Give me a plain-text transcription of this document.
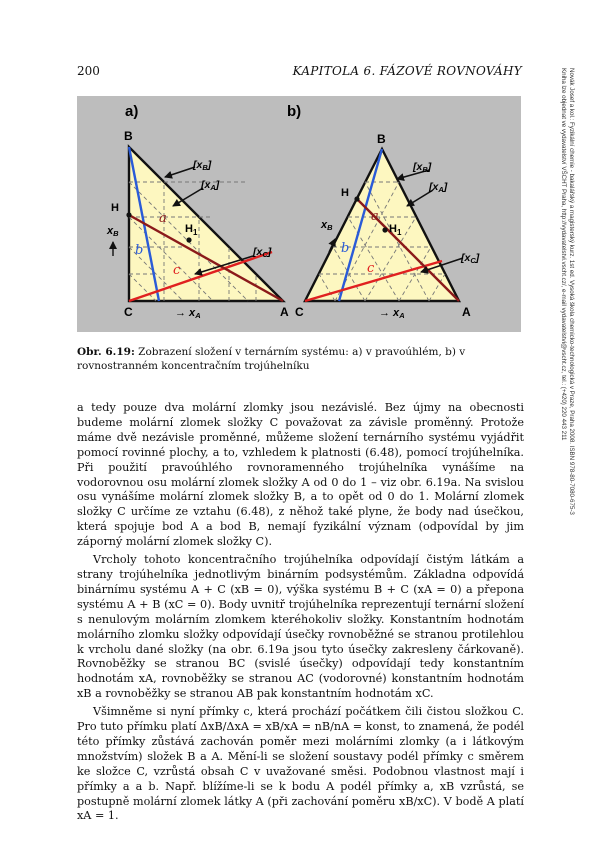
200	KAPITOLA 6. FÁZOVÉ ROVNOVÁHY	Novák Josef a kol.: Fyzikální chemie - bakalářský a magisterský kurz. 1st ed. Vysoká škola chemicko-technologická v Praze, Praha 2008. ISBN 978-80-7080-675-3
Kniha lze objednat ve vydavatelství VŠCHT Praha, http://vydavatelstvi.vscht.cz/, e-mail vydavatelstvi@vscht.cz, tel.: (+420) 220 443 211
a)
B
C	A
H
$H_1$
[xB]
[xA]
[xC]
→ xA
xB
a
b
c
b)
B
C	A
H
$H_1$
[xB]
[xA]
[xC]
→ xA
xB
a
b
c
Obr. 6.19: Zobrazení složení v ternárním systému: a) v pravoúhlém, b) v rovnostranném koncentračním trojúhelníku

a tedy pouze dva molární zlomky jsou nezávislé. Bez újmy na obecnosti budeme molární zlomek složky C považovat za závisle proměnný. Protože máme dvě nezávisle proměnné, můžeme složení ternárního systému vyjádřit pomocí rovinné plochy, a to, vzhledem k platnosti (6.48), pomocí trojúhelníka. Při použití pravoúhlého rovnoramenného trojúhelníka vynášíme na vodorovnou osu molární zlomek složky A od 0 do 1 – viz obr. 6.19a. Na svislou osu vynášíme molární zlomek složky B, a to opět od 0 do 1. Molární zlomek složky C určíme ze vztahu (6.48), z něhož také plyne, že body nad úsečkou, která spojuje bod A a bod B, nemají fyzikální význam (odpovídal by jim záporný molární zlomek složky C).

Vrcholy tohoto koncentračního trojúhelníka odpovídají čistým látkám a strany trojúhelníka jednotlivým binárním podsystémům. Základna odpovídá binárnímu systému A + C (xB = 0), výška systému B + C (xA = 0) a přepona systému A + B (xC = 0). Body uvnitř trojúhelníka reprezentují ternární složení s nenulovým molárním zlomkem kteréhokoliv složky. Konstantním hodnotám molárního zlomku složky odpovídají úsečky rovnoběžné se stranou protilehlou k vrcholu dané složky (na obr. 6.19a jsou tyto úsečky zakresleny čárkovaně). Rovnoběžky se stranou BC (svislé úsečky) odpovídají tedy konstantním hodnotám xA, rovnoběžky se stranou AC (vodorovné) konstantním hodnotám xB a rovnoběžky se stranou AB pak konstantním hodnotám xC.

Všimněme si nyní přímky c, která prochází počátkem čili čistou složkou C. Pro tuto přímku platí ΔxB/ΔxA = xB/xA = nB/nA = konst, to znamená, že podél této přímky zůstává zachován poměr mezi molárními zlomky (a i látkovým množstvím) složek B a A. Mění-li se složení soustavy podél přímky c směrem ke složce C, vzrůstá obsah C v uvažované směsi. Podobnou vlastnost mají i přímky a a b. Např. blížíme-li se k bodu A podél přímky a, xB vzrůstá, se postupně molární zlomek látky A (při zachování poměru xB/xC). V bodě A platí xA = 1.
